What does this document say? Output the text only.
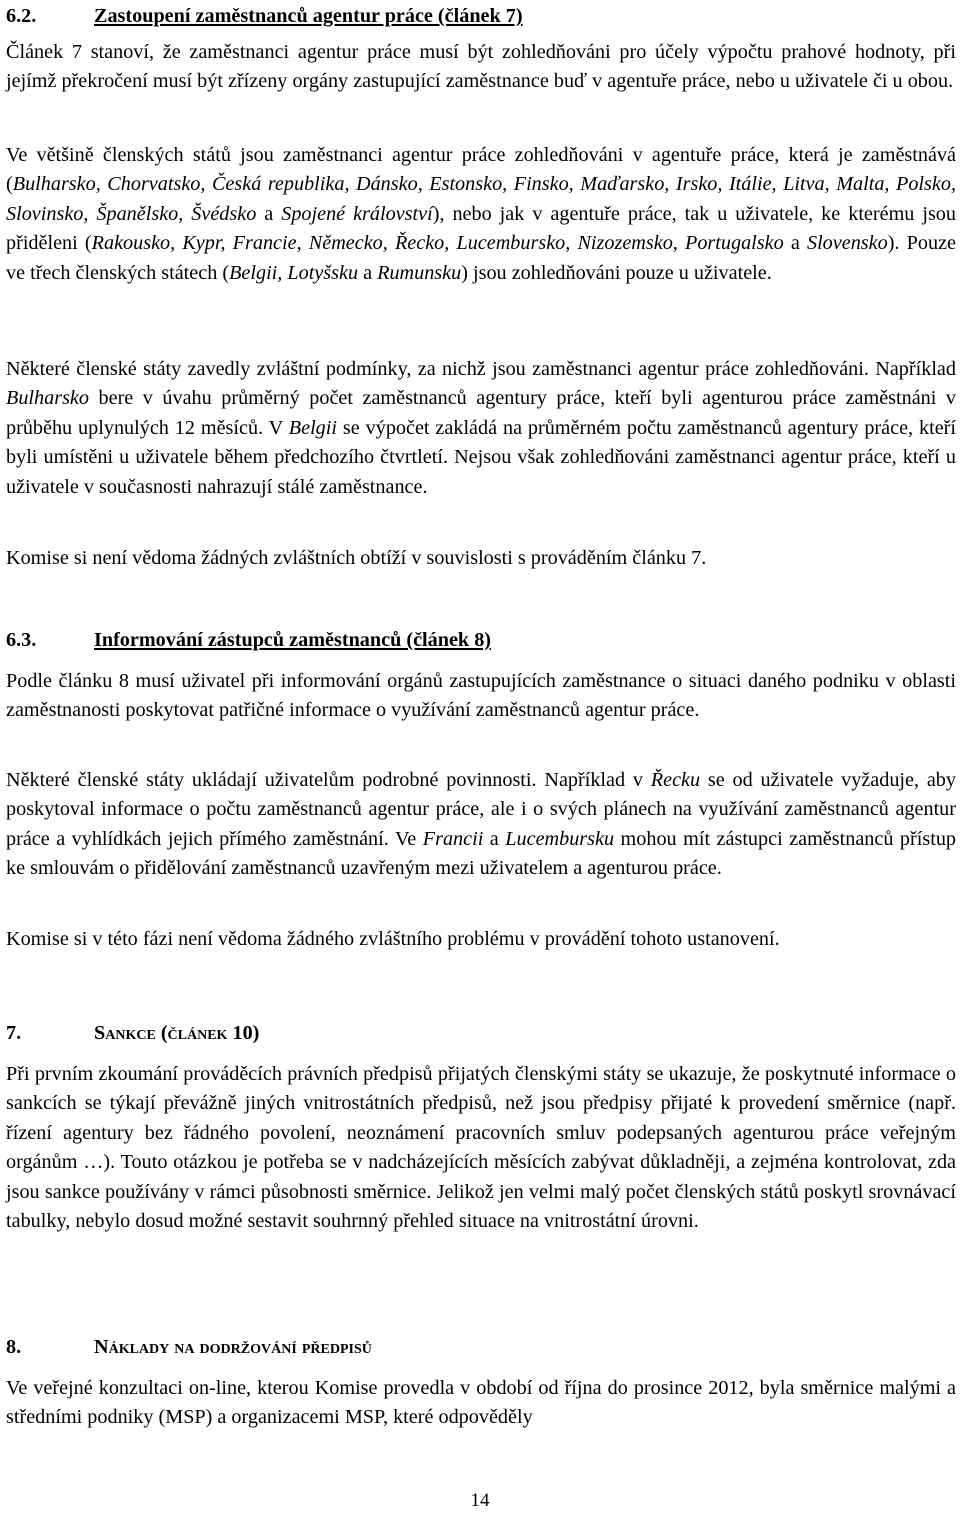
6.2.	Zastoupení zaměstnanců agentur práce (článek 7)

Článek 7 stanoví, že zaměstnanci agentur práce musí být zohledňováni pro účely výpočtu prahové hodnoty, při jejímž překročení musí být zřízeny orgány zastupující zaměstnance buď v agentuře práce, nebo u uživatele či u obou.

Ve většině členských států jsou zaměstnanci agentur práce zohledňováni v agentuře práce, která je zaměstnává (Bulharsko, Chorvatsko, Česká republika, Dánsko, Estonsko, Finsko, Maďarsko, Irsko, Itálie, Litva, Malta, Polsko, Slovinsko, Španělsko, Švédsko a Spojené království), nebo jak v agentuře práce, tak u uživatele, ke kterému jsou přiděleni (Rakousko, Kypr, Francie, Německo, Řecko, Lucembursko, Nizozemsko, Portugalsko a Slovensko). Pouze ve třech členských státech (Belgii, Lotyšsku a Rumunsku) jsou zohledňováni pouze u uživatele.

Některé členské státy zavedly zvláštní podmínky, za nichž jsou zaměstnanci agentur práce zohledňováni. Například Bulharsko bere v úvahu průměrný počet zaměstnanců agentury práce, kteří byli agenturou práce zaměstnáni v průběhu uplynulých 12 měsíců. V Belgii se výpočet zakládá na průměrném počtu zaměstnanců agentury práce, kteří byli umístěni u uživatele během předchozího čtvrtletí. Nejsou však zohledňováni zaměstnanci agentur práce, kteří u uživatele v současnosti nahrazují stálé zaměstnance.

Komise si není vědoma žádných zvláštních obtíží v souvislosti s prováděním článku 7.

6.3.	Informování zástupců zaměstnanců (článek 8)

Podle článku 8 musí uživatel při informování orgánů zastupujících zaměstnance o situaci daného podniku v oblasti zaměstnanosti poskytovat patřičné informace o využívání zaměstnanců agentur práce.

Některé členské státy ukládají uživatelům podrobné povinnosti. Například v Řecku se od uživatele vyžaduje, aby poskytoval informace o počtu zaměstnanců agentur práce, ale i o svých plánech na využívání zaměstnanců agentur práce a vyhlídkách jejich přímého zaměstnání. Ve Francii a Lucembursku mohou mít zástupci zaměstnanců přístup ke smlouvám o přidělování zaměstnanců uzavřeným mezi uživatelem a agenturou práce.

Komise si v této fázi není vědoma žádného zvláštního problému v provádění tohoto ustanovení.

7.	Sankce (článek 10)

Při prvním zkoumání prováděcích právních předpisů přijatých členskými státy se ukazuje, že poskytnuté informace o sankcích se týkají převážně jiných vnitrostátních předpisů, než jsou předpisy přijaté k provedení směrnice (např. řízení agentury bez řádného povolení, neoznámení pracovních smluv podepsaných agenturou práce veřejným orgánům …). Touto otázkou je potřeba se v nadcházejících měsících zabývat důkladněji, a zejména kontrolovat, zda jsou sankce používány v rámci působnosti směrnice. Jelikož jen velmi malý počet členských států poskytl srovnávací tabulky, nebylo dosud možné sestavit souhrnný přehled situace na vnitrostátní úrovni.

8.	Náklady na dodržování předpisů

Ve veřejné konzultaci on-line, kterou Komise provedla v období od října do prosince 2012, byla směrnice malými a středními podniky (MSP) a organizacemi MSP, které odpověděly

14
